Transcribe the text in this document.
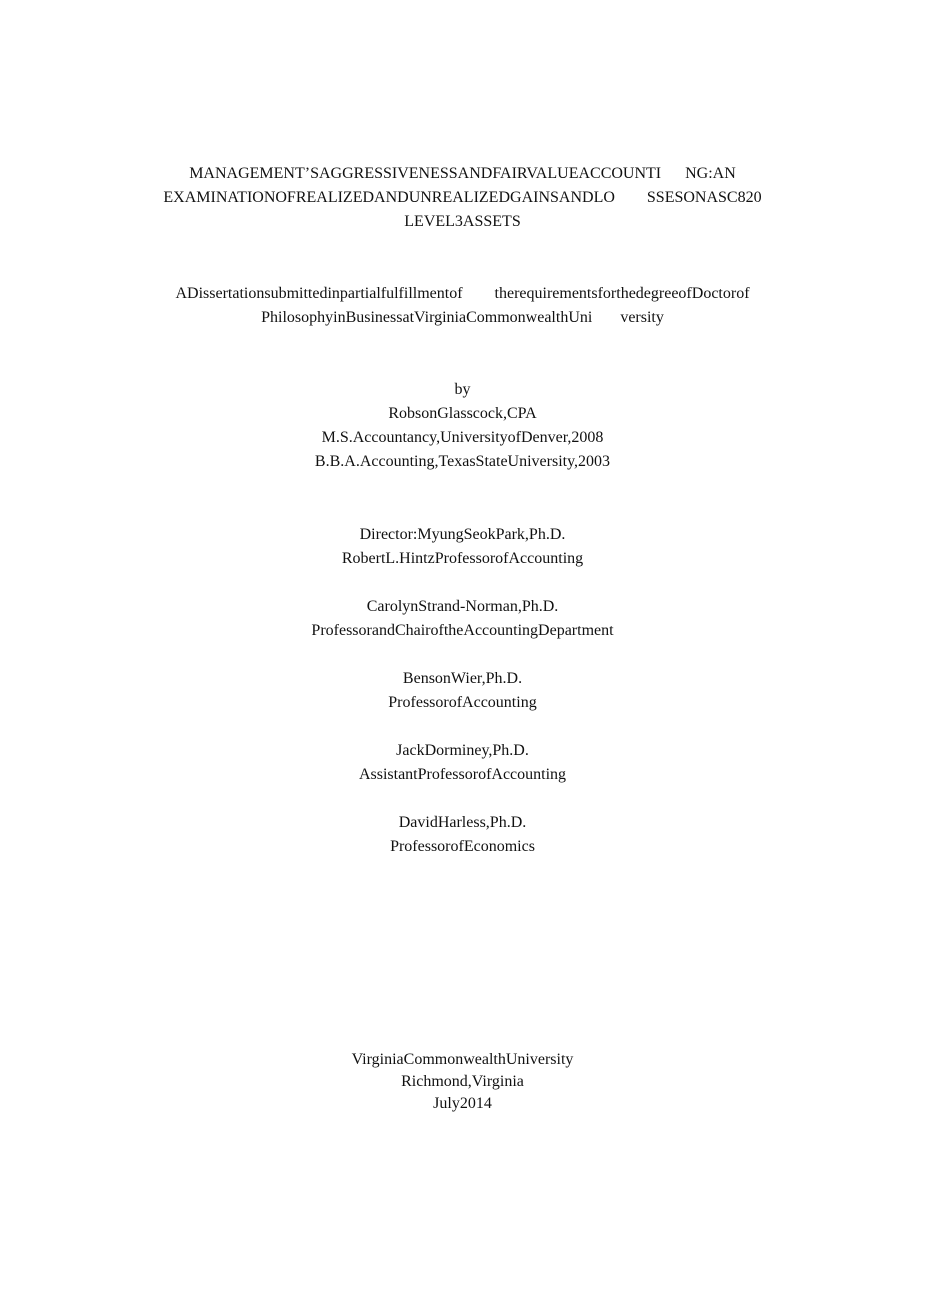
MANAGEMENT’SAGGRESSIVENESSANDFAIRVALUEACCOUNTI      NG:AN
EXAMINATIONOFREALIZEDANDUNREALIZEDGAINSANDLO        SSESONASC820
LEVEL3ASSETS
ADissertationsubmittedinpartialfulfillmentof        therequirementsforthedegreeofDoctorof
PhilosophyinBusinessatVirginiaCommonwealthUni       versity
by
RobsonGlasscock,CPA
M.S.Accountancy,UniversityofDenver,2008
B.B.A.Accounting,TexasStateUniversity,2003
Director:MyungSeokPark,Ph.D.
RobertL.HintzProfessorofAccounting
CarolynStrand-Norman,Ph.D.
ProfessorandChairoftheAccountingDepartment
BensonWier,Ph.D.
ProfessorofAccounting
JackDorminey,Ph.D.
AssistantProfessorofAccounting
DavidHarless,Ph.D.
ProfessorofEconomics
VirginiaCommonwealthUniversity
Richmond,Virginia
July2014
